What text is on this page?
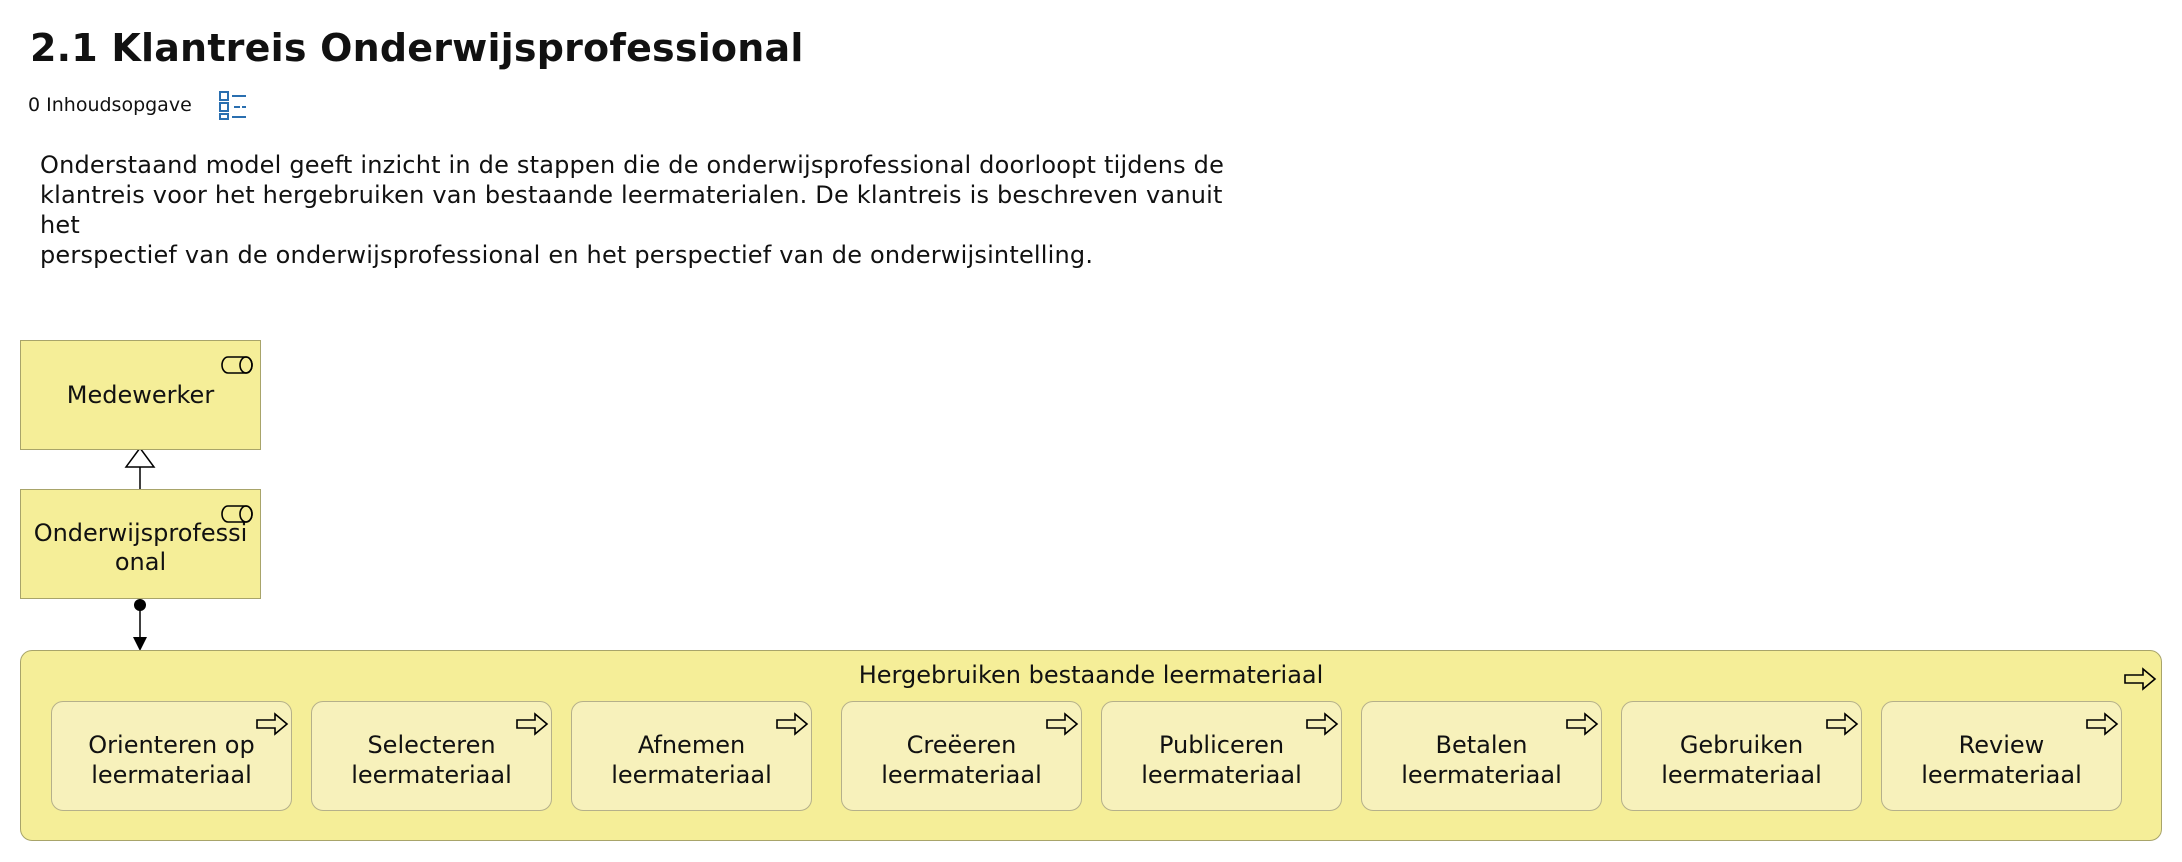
2.1 Klantreis Onderwijsprofessional
0 Inhoudsopgave
Onderstaand model geeft inzicht in de stappen die de onderwijsprofessional doorloopt tijdens de
klantreis voor het hergebruiken van bestaande leermaterialen. De klantreis is beschreven vanuit het
perspectief van de onderwijsprofessional en het perspectief van de onderwijsintelling.
Medewerker
Onderwijsprofessi
onal
Hergebruiken bestaande leermateriaal
Orienteren op
leermateriaal
Selecteren
leermateriaal
Afnemen
leermateriaal
Creëeren
leermateriaal
Publiceren
leermateriaal
Betalen
leermateriaal
Gebruiken
leermateriaal
Review
leermateriaal
